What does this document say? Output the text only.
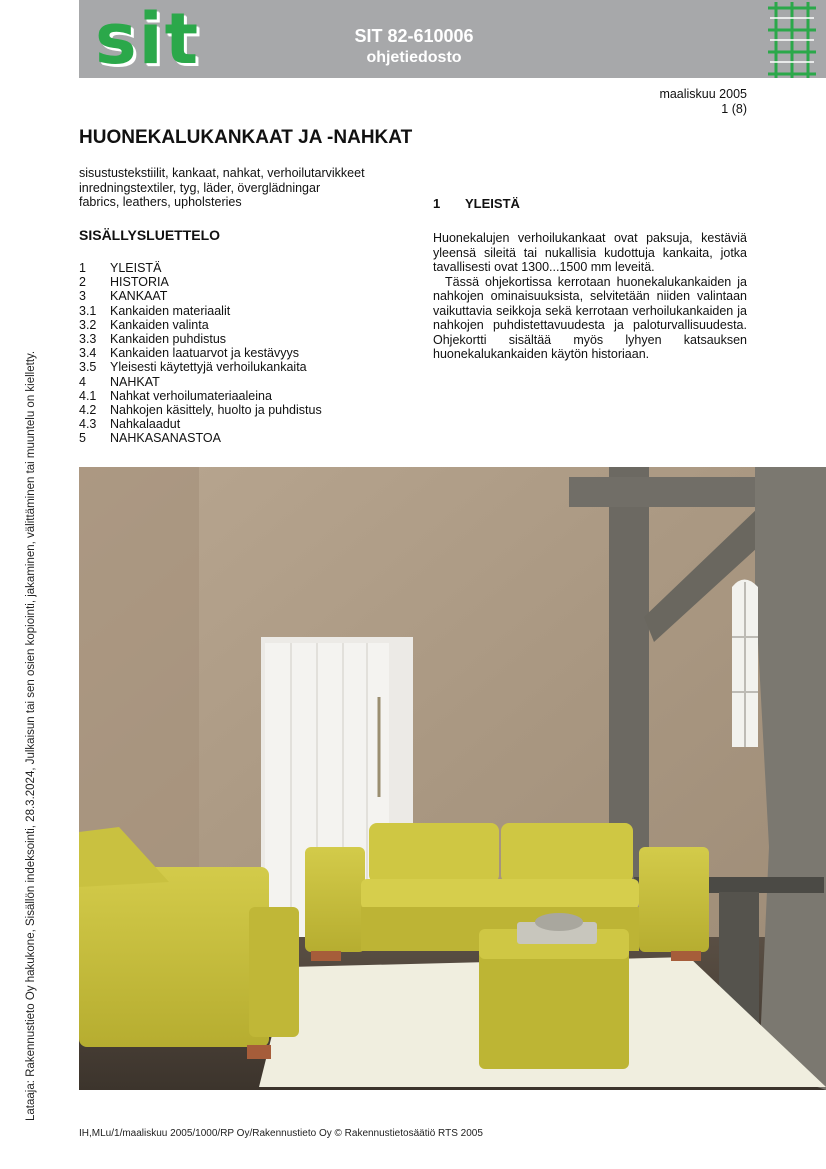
sit	SIT 82-610006
ohjetiedosto
maaliskuu 2005
1 (8)
HUONEKALUKANKAAT JA -NAHKAT
sisustustekstiilit, kankaat, nahkat, verhoilutarvikkeet
inredningstextiler, tyg, läder, överglädningar
fabrics, leathers, upholsteries
SISÄLLYSLUETTELO
1	YLEISTÄ
2	HISTORIA
3	KANKAAT
3.1	Kankaiden materiaalit
3.2	Kankaiden valinta
3.3	Kankaiden puhdistus
3.4	Kankaiden laatuarvot ja kestävyys
3.5	Yleisesti käytettyjä verhoilukankaita
4	NAHKAT
4.1	Nahkat verhoilumateriaaleina
4.2	Nahkojen käsittely, huolto ja puhdistus
4.3	Nahkalaadut
5	NAHKASANASTOA
1 YLEISTÄ

Huonekalujen verhoilukankaat ovat paksuja, kestäviä yleensä sileitä tai nukallisia kudottuja kankaita, jotka tavallisesti ovat 1300...1500 mm leveitä.

Tässä ohjekortissa kerrotaan huonekalukankaiden ja nahkojen ominaisuuksista, selvitetään niiden valintaan vaikuttavia seikkoja sekä kerrotaan verhoilukankaiden ja nahkojen puhdistettavuudesta ja paloturvallisuudesta. Ohjekortti sisältää myös lyhyen katsauksen huonekalukankaiden käytön historiaan.

Lataaja: Rakennustieto Oy hakukone, Sisällön indeksointi, 28.3.2024, Julkaisun tai sen osien kopiointi, jakaminen, välittäminen tai muuntelu on kielletty.
IH,MLu/1/maaliskuu 2005/1000/RP Oy/Rakennustieto Oy © Rakennustietosäätiö RTS 2005
